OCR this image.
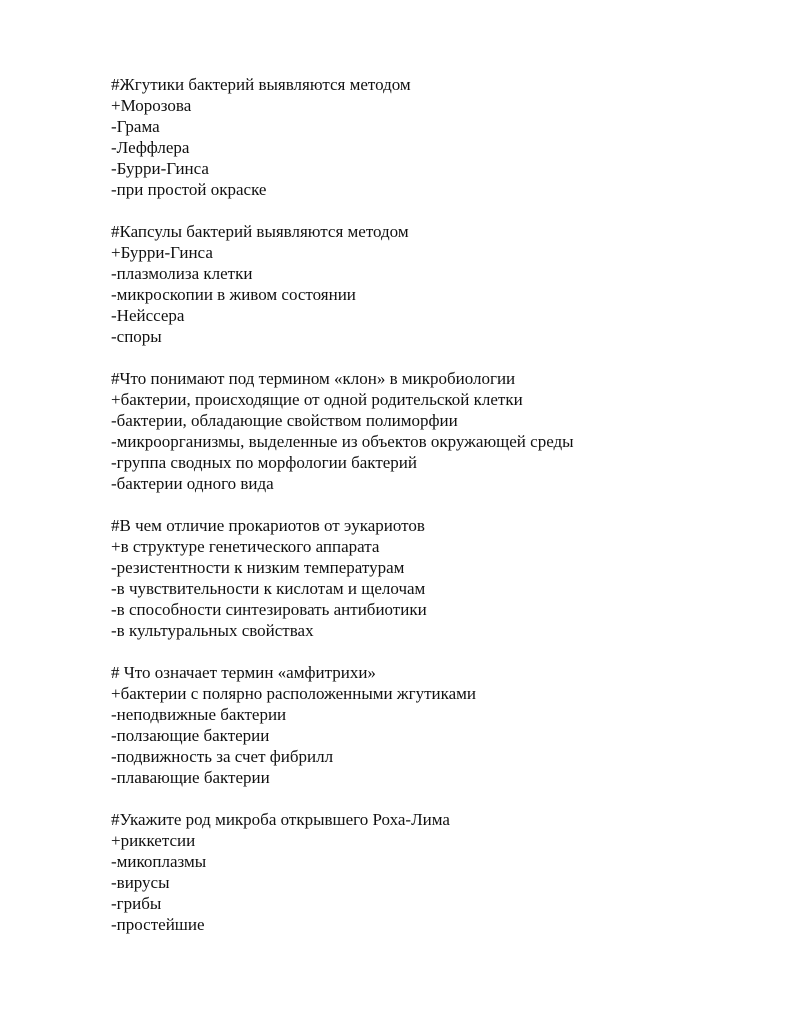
#Жгутики бактерий выявляются методом
+Морозова
-Грама
-Леффлера
-Бурри-Гинса
-при простой окраске
#Капсулы бактерий выявляются методом
+Бурри-Гинса
-плазмолиза клетки
-микроскопии в живом состоянии
-Нейссера
-споры
#Что понимают под термином «клон» в микробиологии
+бактерии, происходящие от одной родительской клетки
-бактерии, обладающие свойством полиморфии
-микроорганизмы, выделенные из объектов окружающей среды
-группа сводных по морфологии бактерий
-бактерии одного вида
#В чем отличие прокариотов от эукариотов
+в структуре генетического аппарата
-резистентности к низким температурам
-в чувствительности к кислотам и щелочам
-в способности синтезировать антибиотики
-в культуральных свойствах
# Что означает термин «амфитрихи»
+бактерии с полярно расположенными жгутиками
-неподвижные бактерии
-ползающие бактерии
-подвижность за счет фибрилл
-плавающие бактерии
#Укажите род микроба открывшего Роха-Лима
+риккетсии
-микоплазмы
-вирусы
-грибы
-простейшие
